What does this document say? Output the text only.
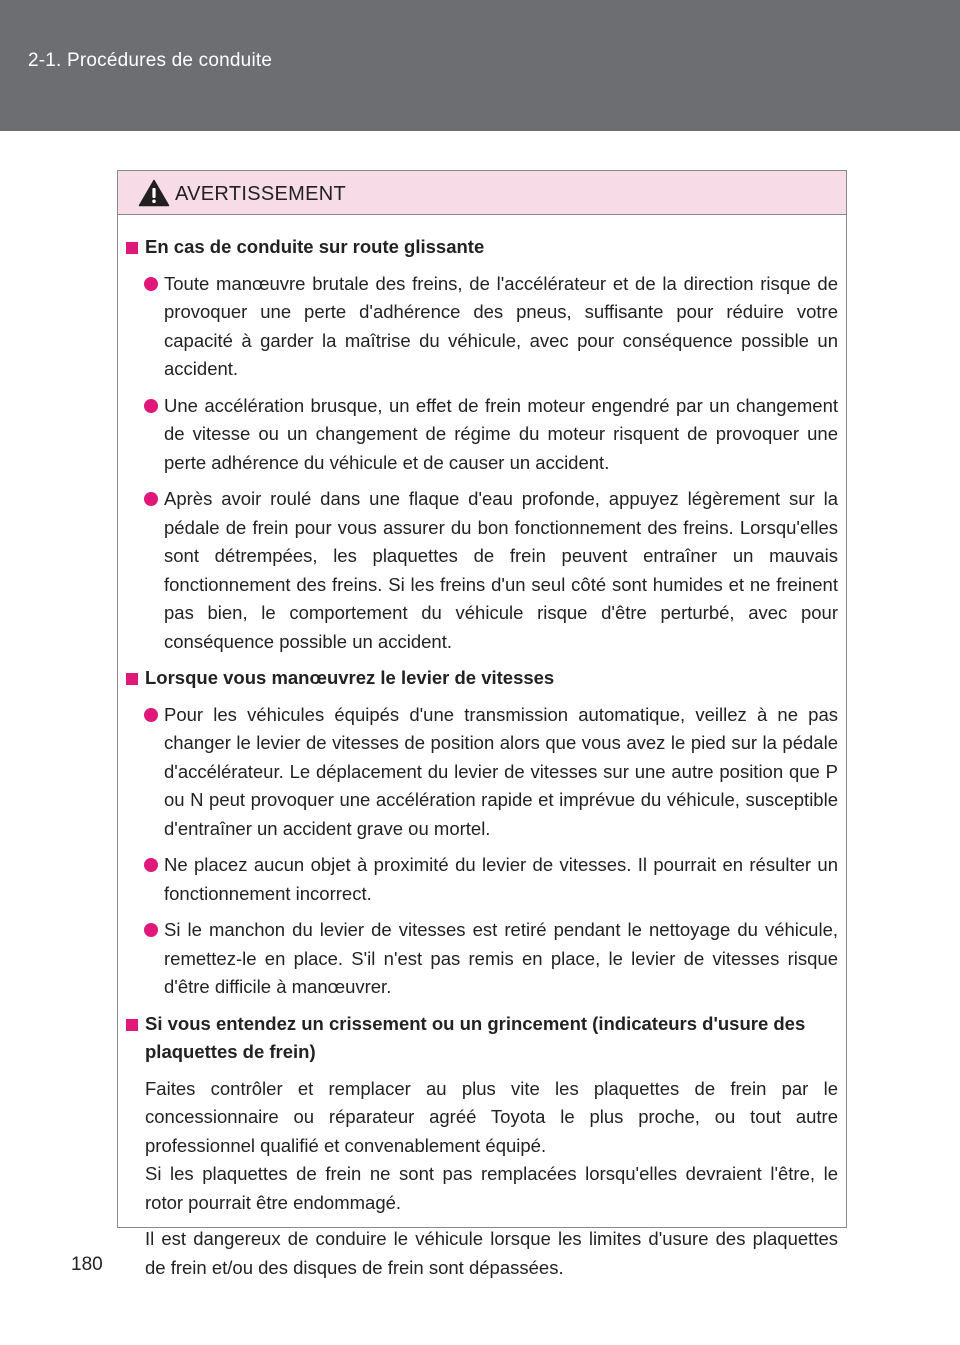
2-1. Procédures de conduite
AVERTISSEMENT
En cas de conduite sur route glissante
Toute manœuvre brutale des freins, de l'accélérateur et de la direction risque de provoquer une perte d'adhérence des pneus, suffisante pour réduire votre capacité à garder la maîtrise du véhicule, avec pour conséquence possible un accident.
Une accélération brusque, un effet de frein moteur engendré par un changement de vitesse ou un changement de régime du moteur risquent de provoquer une perte adhérence du véhicule et de causer un accident.
Après avoir roulé dans une flaque d'eau profonde, appuyez légèrement sur la pédale de frein pour vous assurer du bon fonctionnement des freins. Lorsqu'elles sont détrempées, les plaquettes de frein peuvent entraîner un mauvais fonctionnement des freins. Si les freins d'un seul côté sont humides et ne freinent pas bien, le comportement du véhicule risque d'être perturbé, avec pour conséquence possible un accident.
Lorsque vous manœuvrez le levier de vitesses
Pour les véhicules équipés d'une transmission automatique, veillez à ne pas changer le levier de vitesses de position alors que vous avez le pied sur la pédale d'accélérateur. Le déplacement du levier de vitesses sur une autre position que P ou N peut provoquer une accélération rapide et imprévue du véhicule, susceptible d'entraîner un accident grave ou mortel.
Ne placez aucun objet à proximité du levier de vitesses. Il pourrait en résulter un fonctionnement incorrect.
Si le manchon du levier de vitesses est retiré pendant le nettoyage du véhicule, remettez-le en place. S'il n'est pas remis en place, le levier de vitesses risque d'être difficile à manœuvrer.
Si vous entendez un crissement ou un grincement (indicateurs d'usure des plaquettes de frein)
Faites contrôler et remplacer au plus vite les plaquettes de frein par le concessionnaire ou réparateur agréé Toyota le plus proche, ou tout autre professionnel qualifié et convenablement équipé.
Si les plaquettes de frein ne sont pas remplacées lorsqu'elles devraient l'être, le rotor pourrait être endommagé.
Il est dangereux de conduire le véhicule lorsque les limites d'usure des plaquettes de frein et/ou des disques de frein sont dépassées.
180
